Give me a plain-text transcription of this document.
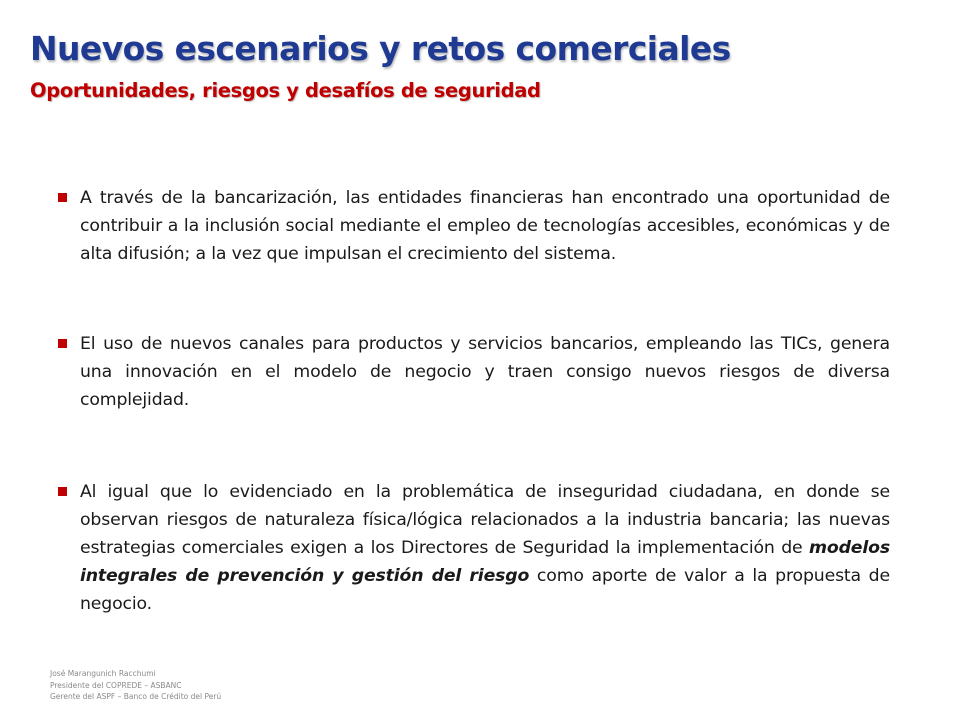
Nuevos escenarios y retos comerciales
Oportunidades, riesgos y desafíos de seguridad
A través de la bancarización, las entidades financieras han encontrado una oportunidad de contribuir a la inclusión social mediante el empleo de tecnologías accesibles, económicas y de alta difusión; a la vez que impulsan el crecimiento del sistema.
El uso de nuevos canales para productos y servicios bancarios, empleando las TICs, genera una innovación en el modelo de negocio y traen consigo nuevos riesgos de diversa complejidad.
Al igual que lo evidenciado en la problemática de inseguridad ciudadana, en donde se observan riesgos de naturaleza física/lógica relacionados a la industria bancaria; las nuevas estrategias comerciales exigen a los Directores de Seguridad la implementación de modelos integrales de prevención y gestión del riesgo como aporte de valor a la propuesta de negocio.
José Marangunich Racchumi
Presidente del COPREDE – ASBANC
Gerente del ASPF – Banco de Crédito del Perú
